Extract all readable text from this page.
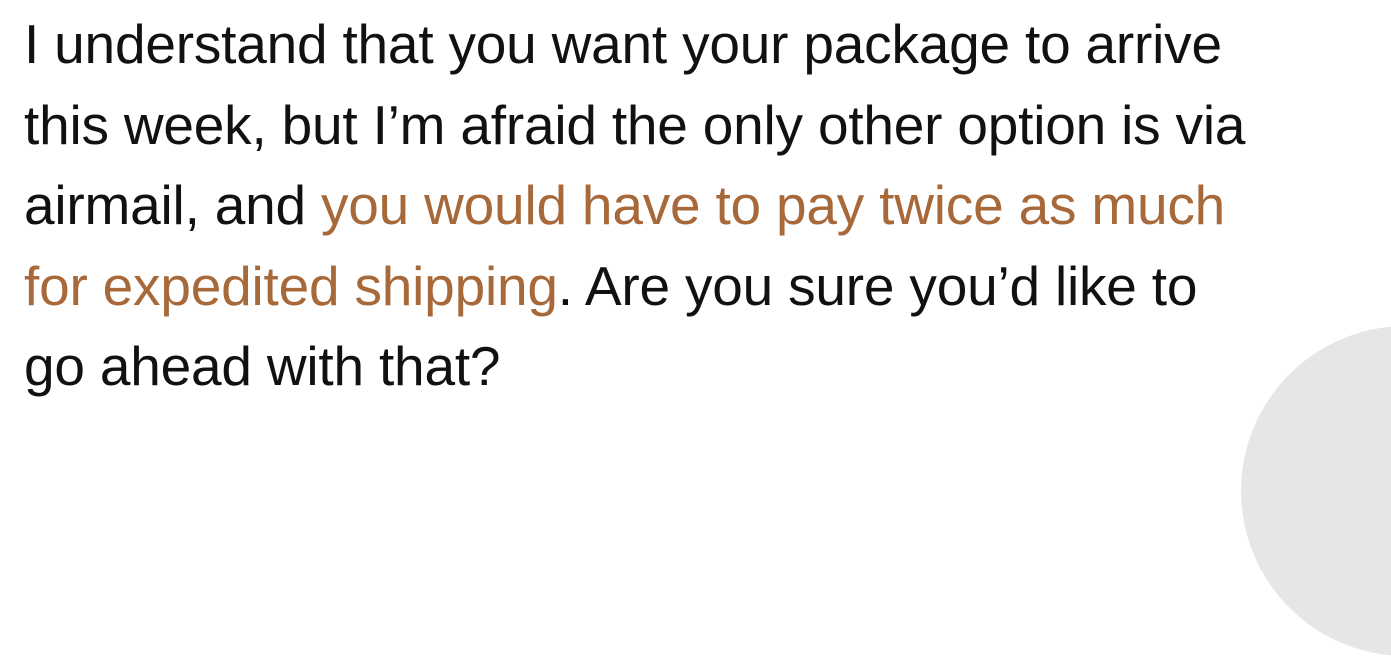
I understand that you want your package to arrive
this week, but I’m afraid the only other option is via
airmail, and you would have to pay twice as much
for expedited shipping. Are you sure you’d like to
go ahead with that?
